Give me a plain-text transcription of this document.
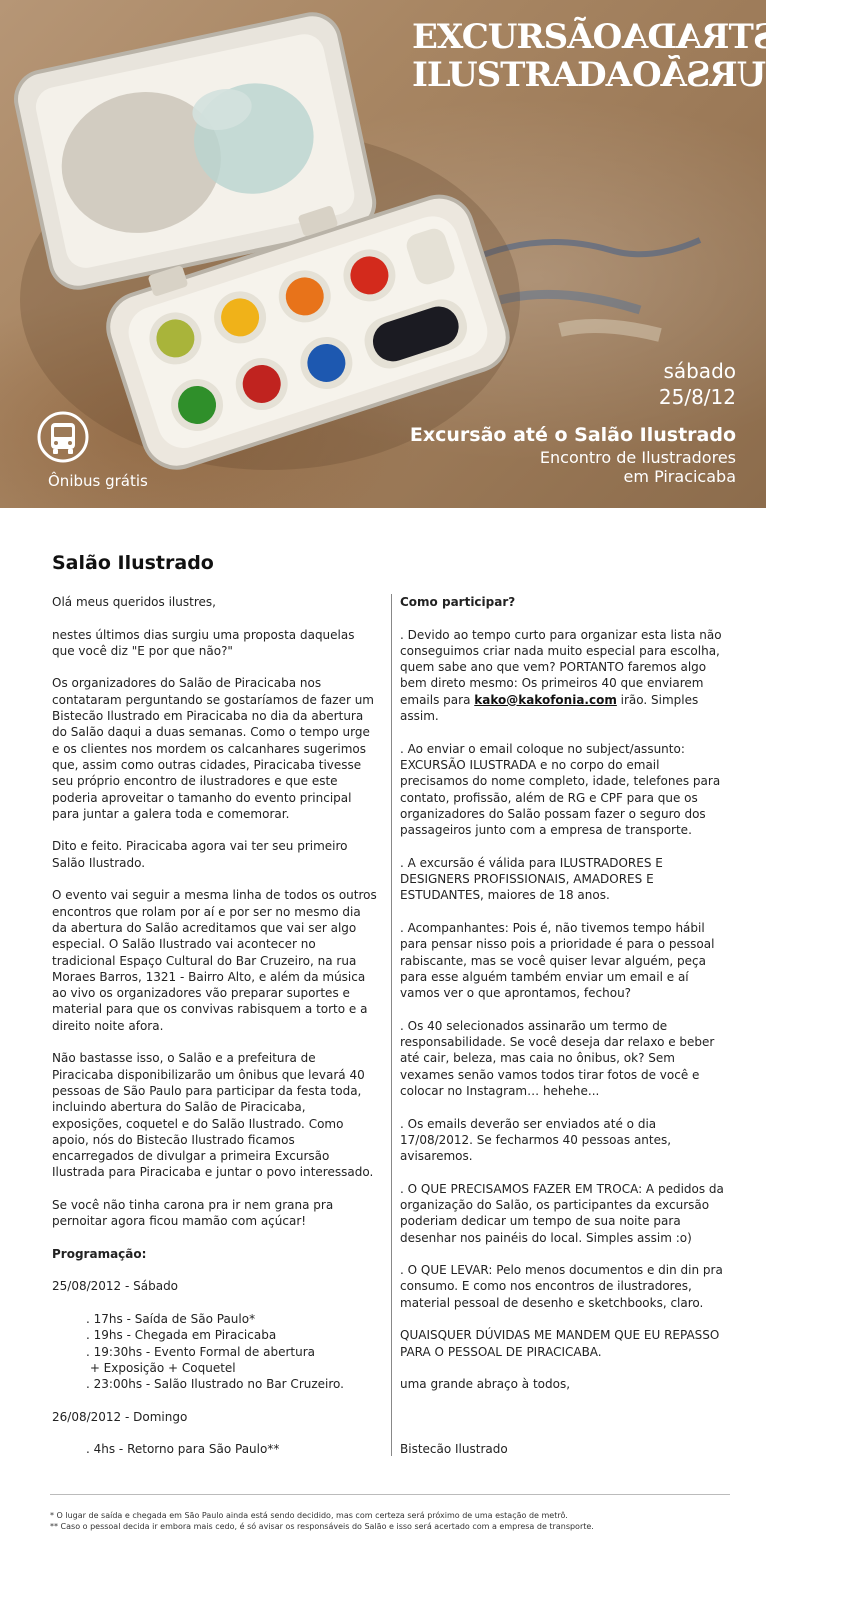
EXCURSÃOILUSTRADA
ILUSTRADAEXCURSÃO
sábado
25/8/12
Excursão até o Salão Ilustrado
Encontro de Ilustradores
em Piracicaba
Ônibus grátis
Salão Ilustrado

Olá meus queridos ilustres,

nestes últimos dias surgiu uma proposta daquelas que você diz "E por que não?"

Os organizadores do Salão de Piracicaba nos contataram perguntando se gostaríamos de fazer um Bistecão Ilustrado em Piracicaba no dia da abertura do Salão daqui a duas semanas. Como o tempo urge e os clientes nos mordem os calcanhares sugerimos que, assim como outras cidades, Piracicaba tivesse seu próprio encontro de ilustradores e que este poderia aproveitar o tamanho do evento principal para juntar a galera toda e comemorar.

Dito e feito. Piracicaba agora vai ter seu primeiro Salão Ilustrado.

O evento vai seguir a mesma linha de todos os outros encontros que rolam por aí e por ser no mesmo dia da abertura do Salão acreditamos que vai ser algo especial. O Salão Ilustrado vai acontecer no tradicional Espaço Cultural do Bar Cruzeiro, na rua Moraes Barros, 1321 - Bairro Alto, e além da música ao vivo os organizadores vão preparar suportes e material para que os convivas rabisquem a torto e a direito noite afora.

Não bastasse isso, o Salão e a prefeitura de Piracicaba disponibilizarão um ônibus que levará 40 pessoas de São Paulo para participar da festa toda, incluindo abertura do Salão de Piracicaba, exposições, coquetel e do Salão Ilustrado. Como apoio, nós do Bistecão Ilustrado ficamos encarregados de divulgar a primeira Excursão Ilustrada para Piracicaba e juntar o povo interessado.

Se você não tinha carona pra ir nem grana pra pernoitar agora ficou mamão com açúcar!

Programação:

25/08/2012 - Sábado

. 17hs - Saída de São Paulo*
. 19hs - Chegada em Piracicaba
. 19:30hs - Evento Formal de abertura
+ Exposição + Coquetel
. 23:00hs - Salão Ilustrado no Bar Cruzeiro.

26/08/2012 - Domingo

. 4hs - Retorno para São Paulo**

Como participar?

. Devido ao tempo curto para organizar esta lista não conseguimos criar nada muito especial para escolha, quem sabe ano que vem? PORTANTO faremos algo bem direto mesmo: Os primeiros 40 que enviarem emails para kako@kakofonia.com irão. Simples assim.

. Ao enviar o email coloque no subject/assunto: EXCURSÃO ILUSTRADA e no corpo do email precisamos do nome completo, idade, telefones para contato, profissão, além de RG e CPF para que os organizadores do Salão possam fazer o seguro dos passageiros junto com a empresa de transporte.

. A excursão é válida para ILUSTRADORES E DESIGNERS PROFISSIONAIS, AMADORES E ESTUDANTES, maiores de 18 anos.

. Acompanhantes: Pois é, não tivemos tempo hábil para pensar nisso pois a prioridade é para o pessoal rabiscante, mas se você quiser levar alguém, peça para esse alguém também enviar um email e aí vamos ver o que aprontamos, fechou?

. Os 40 selecionados assinarão um termo de responsabilidade. Se você deseja dar relaxo e beber até cair, beleza, mas caia no ônibus, ok? Sem vexames senão vamos todos tirar fotos de você e colocar no Instagram… hehehe...

. Os emails deverão ser enviados até o dia 17/08/2012. Se fecharmos 40 pessoas antes, avisaremos.

. O QUE PRECISAMOS FAZER EM TROCA: A pedidos da organização do Salão, os participantes da excursão poderiam dedicar um tempo de sua noite para desenhar nos painéis do local. Simples assim :o)

. O QUE LEVAR: Pelo menos documentos e din din pra consumo. E como nos encontros de ilustradores, material pessoal de desenho e sketchbooks, claro.

QUAISQUER DÚVIDAS ME MANDEM QUE EU REPASSO PARA O PESSOAL DE PIRACICABA.

uma grande abraço à todos,

Bistecão Ilustrado

* O lugar de saída e chegada em São Paulo ainda está sendo decidido, mas com certeza será próximo de uma estação de metrô.
** Caso o pessoal decida ir embora mais cedo, é só avisar os responsáveis do Salão e isso será acertado com a empresa de transporte.
